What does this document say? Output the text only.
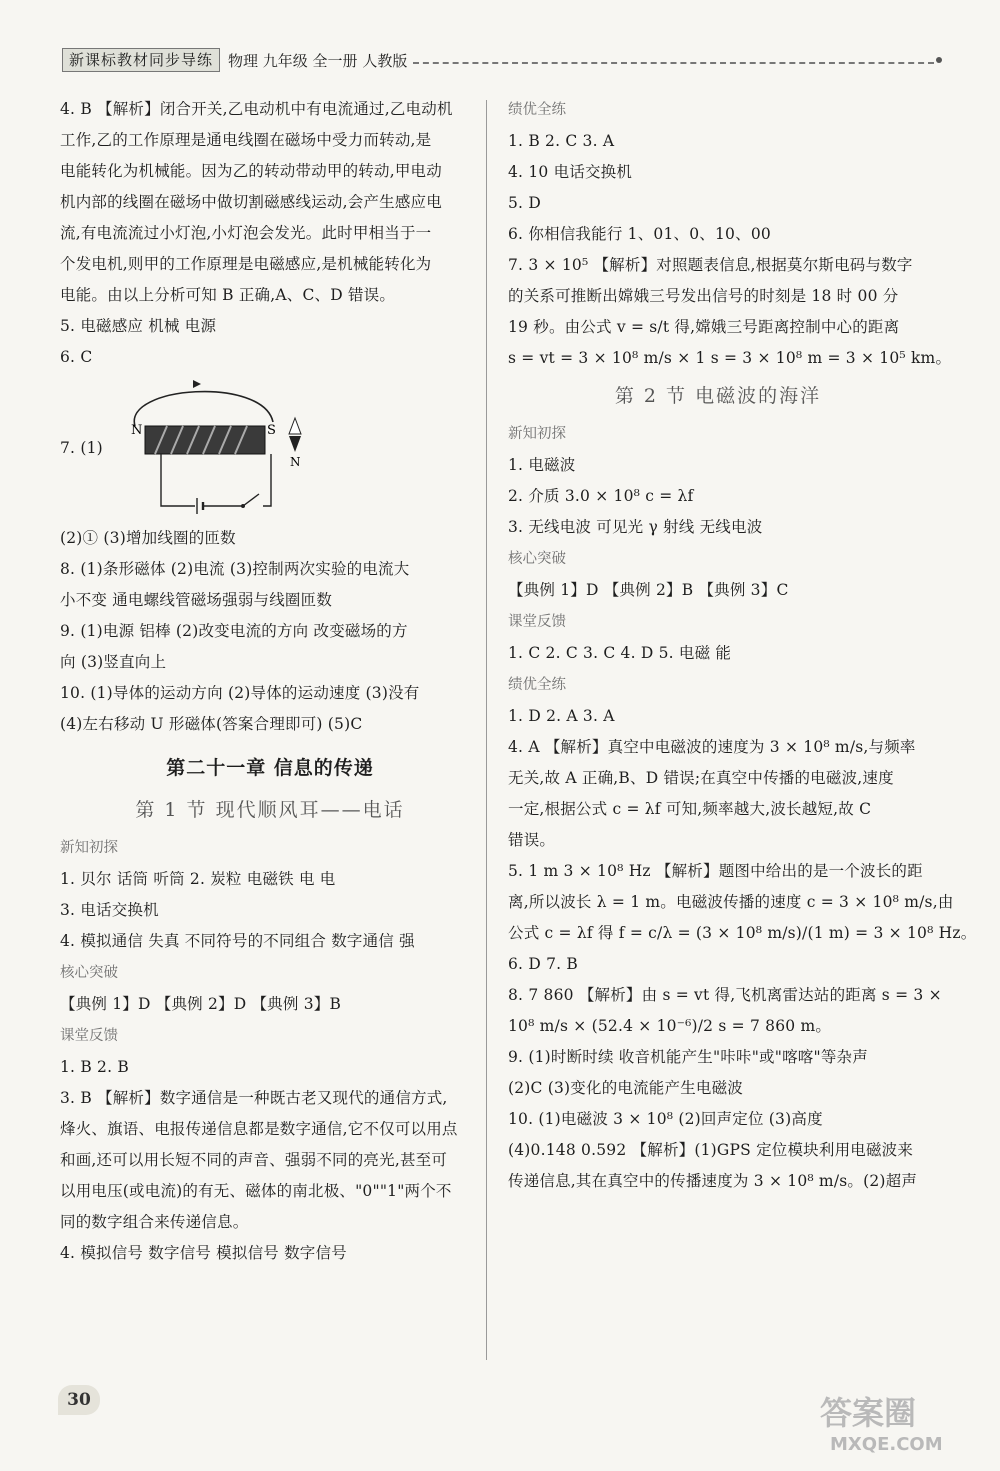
新课标教材同步导练	物理 九年级 全一册 人教版
4. B 【解析】闭合开关,乙电动机中有电流通过,乙电动机
工作,乙的工作原理是通电线圈在磁场中受力而转动,是
电能转化为机械能。因为乙的转动带动甲的转动,甲电动
机内部的线圈在磁场中做切割磁感线运动,会产生感应电
流,有电流流过小灯泡,小灯泡会发光。此时甲相当于一
个发电机,则甲的工作原理是电磁感应,是机械能转化为
电能。由以上分析可知 B 正确,A、C、D 错误。
5. 电磁感应 机械 电源
6. C
7. (1)
N	S
N
(2)① (3)增加线圈的匝数
8. (1)条形磁体 (2)电流 (3)控制两次实验的电流大
小不变 通电螺线管磁场强弱与线圈匝数
9. (1)电源 铝棒 (2)改变电流的方向 改变磁场的方
向 (3)竖直向上
10. (1)导体的运动方向 (2)导体的运动速度 (3)没有
(4)左右移动 U 形磁体(答案合理即可) (5)C
第二十一章 信息的传递
第 1 节 现代顺风耳——电话
新知初探
1. 贝尔 话筒 听筒 2. 炭粒 电磁铁 电 电
3. 电话交换机
4. 模拟通信 失真 不同符号的不同组合 数字通信 强
核心突破
【典例 1】D 【典例 2】D 【典例 3】B
课堂反馈
1. B 2. B
3. B 【解析】数字通信是一种既古老又现代的通信方式,
烽火、旗语、电报传递信息都是数字通信,它不仅可以用点
和画,还可以用长短不同的声音、强弱不同的亮光,甚至可
以用电压(或电流)的有无、磁体的南北极、"0""1"两个不
同的数字组合来传递信息。
4. 模拟信号 数字信号 模拟信号 数字信号
绩优全练
1. B 2. C 3. A
4. 10 电话交换机
5. D
6. 你相信我能行 1、01、0、10、00
7. 3 × 10⁵ 【解析】对照题表信息,根据莫尔斯电码与数字
的关系可推断出嫦娥三号发出信号的时刻是 18 时 00 分
19 秒。由公式 v = s/t 得,嫦娥三号距离控制中心的距离
s = vt = 3 × 10⁸ m/s × 1 s = 3 × 10⁸ m = 3 × 10⁵ km。
第 2 节 电磁波的海洋
新知初探
1. 电磁波
2. 介质 3.0 × 10⁸ c = λf
3. 无线电波 可见光 γ 射线 无线电波
核心突破
【典例 1】D 【典例 2】B 【典例 3】C
课堂反馈
1. C 2. C 3. C 4. D 5. 电磁 能
绩优全练
1. D 2. A 3. A
4. A 【解析】真空中电磁波的速度为 3 × 10⁸ m/s,与频率
无关,故 A 正确,B、D 错误;在真空中传播的电磁波,速度
一定,根据公式 c = λf 可知,频率越大,波长越短,故 C
错误。
5. 1 m 3 × 10⁸ Hz 【解析】题图中给出的是一个波长的距
离,所以波长 λ = 1 m。电磁波传播的速度 c = 3 × 10⁸ m/s,由
公式 c = λf 得 f = c/λ = (3 × 10⁸ m/s)/(1 m) = 3 × 10⁸ Hz。
6. D 7. B
8. 7 860 【解析】由 s = vt 得,飞机离雷达站的距离 s = 3 ×
10⁸ m/s × (52.4 × 10⁻⁶)/2 s = 7 860 m。
9. (1)时断时续 收音机能产生"咔咔"或"喀喀"等杂声
(2)C (3)变化的电流能产生电磁波
10. (1)电磁波 3 × 10⁸ (2)回声定位 (3)高度
(4)0.148 0.592 【解析】(1)GPS 定位模块利用电磁波来
传递信息,其在真空中的传播速度为 3 × 10⁸ m/s。(2)超声
30	答案圈
MXQE.COM
